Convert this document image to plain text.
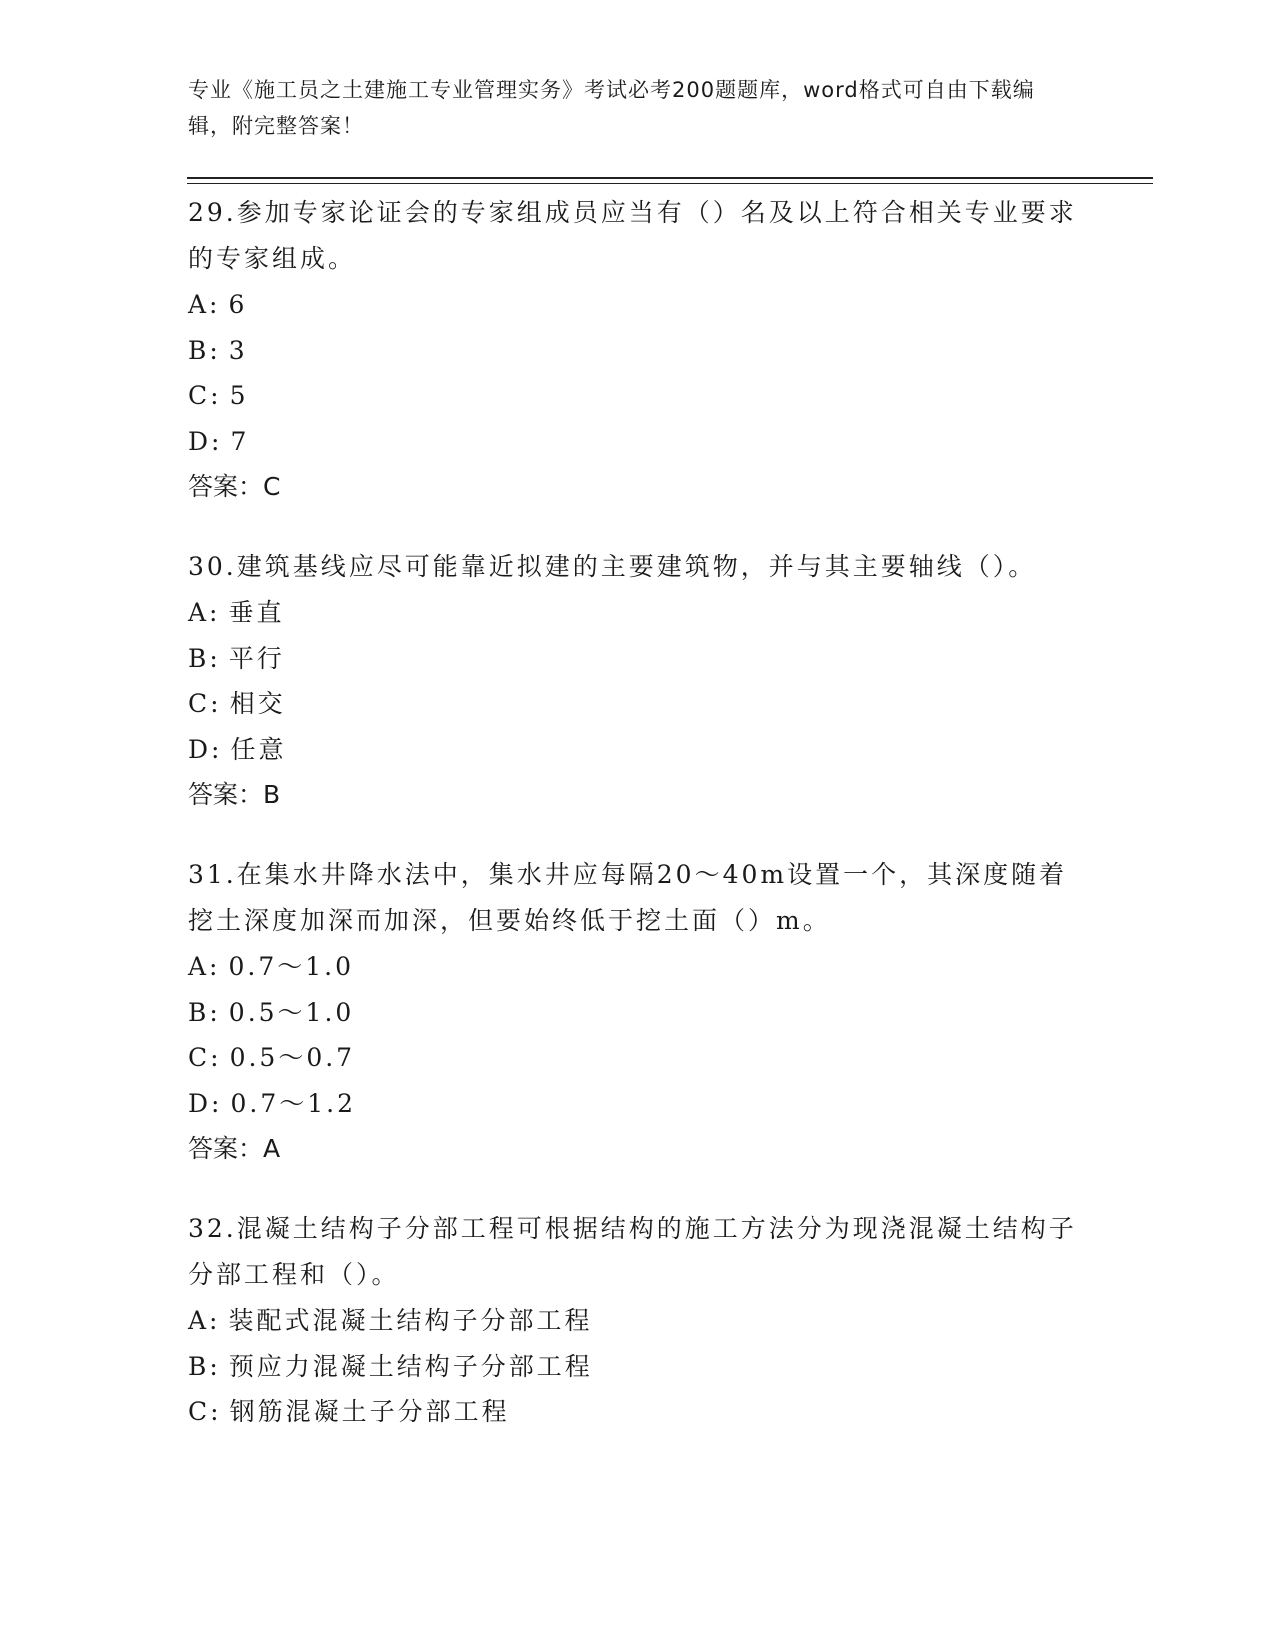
专业《施工员之土建施工专业管理实务》考试必考200题题库，word格式可自由下载编辑，附完整答案！

29.参加专家论证会的专家组成员应当有（）名及以上符合相关专业要求的专家组成。

A: 6

B: 3

C: 5

D: 7

答案：C

30.建筑基线应尽可能靠近拟建的主要建筑物，并与其主要轴线（）。

A: 垂直

B: 平行

C: 相交

D: 任意

答案：B

31.在集水井降水法中，集水井应每隔20～40m设置一个，其深度随着挖土深度加深而加深，但要始终低于挖土面（）m。

A: 0.7～1.0

B: 0.5～1.0

C: 0.5～0.7

D: 0.7～1.2

答案：A

32.混凝土结构子分部工程可根据结构的施工方法分为现浇混凝土结构子分部工程和（）。

A: 装配式混凝土结构子分部工程

B: 预应力混凝土结构子分部工程

C: 钢筋混凝土子分部工程
